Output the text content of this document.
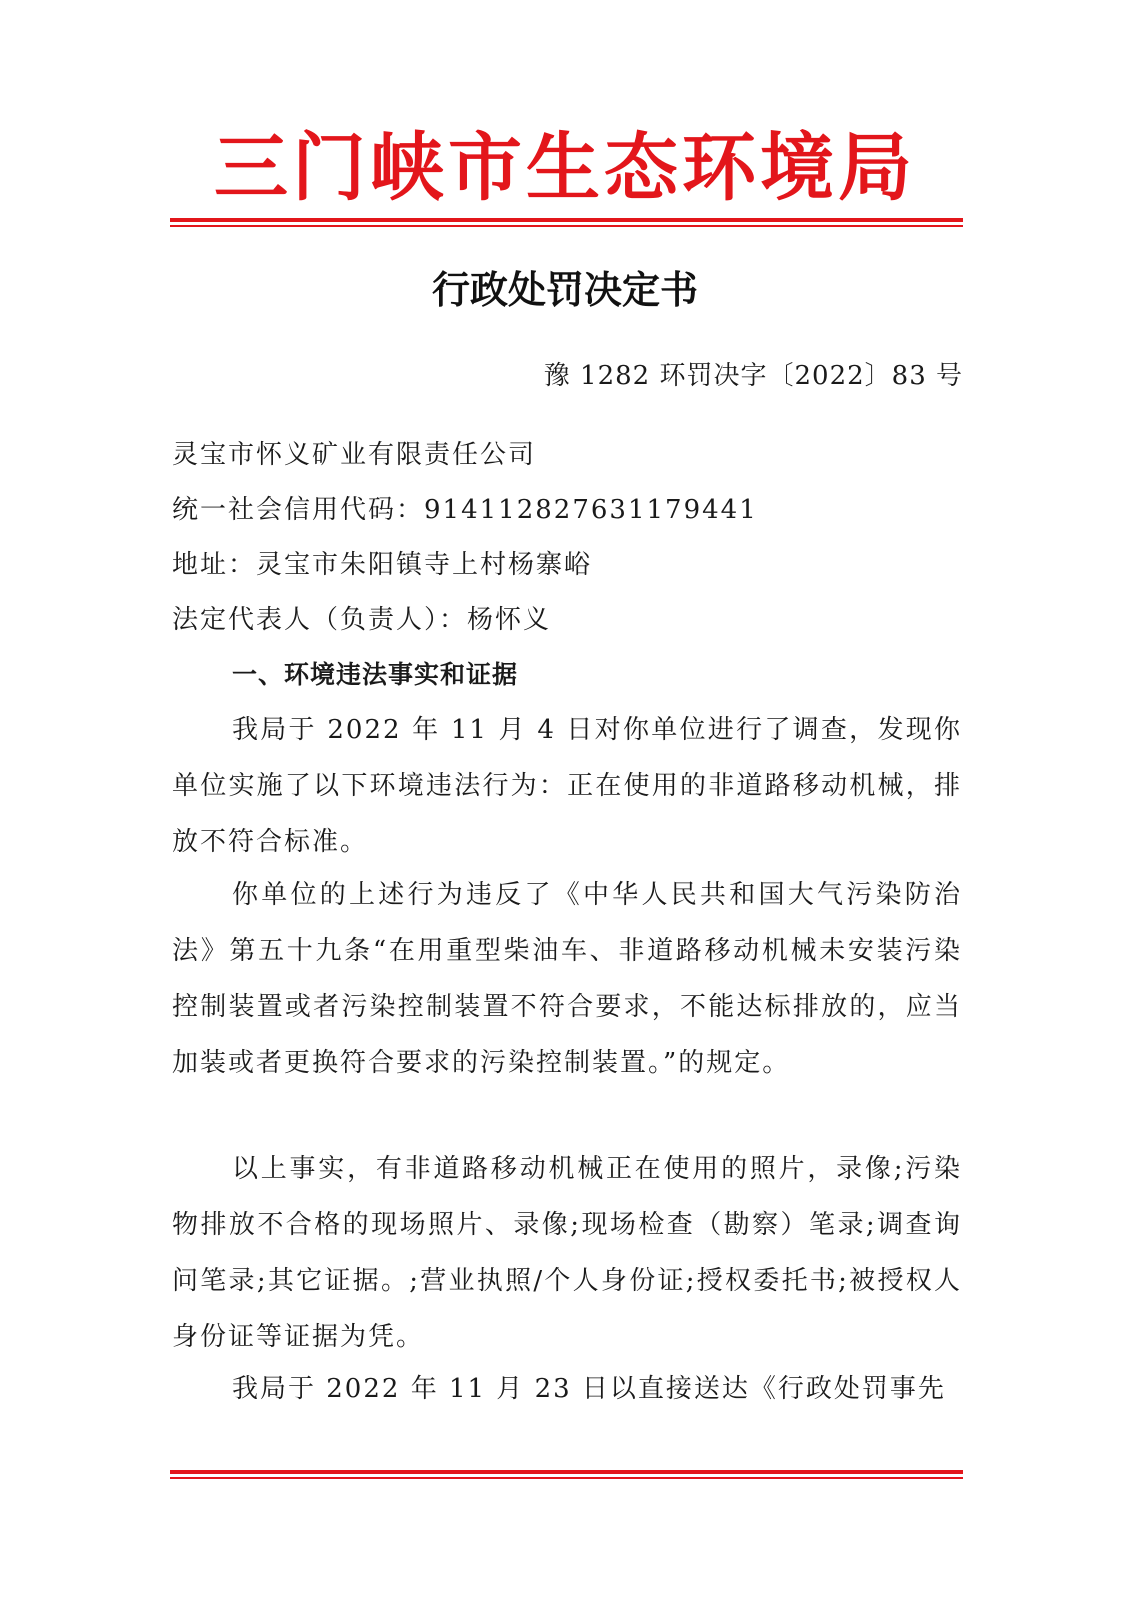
三门峡市生态环境局
行政处罚决定书
豫 1282 环罚决字〔2022〕83 号
灵宝市怀义矿业有限责任公司
统一社会信用代码：914112827631179441
地址：灵宝市朱阳镇寺上村杨寨峪
法定代表人（负责人）：杨怀义
一、环境违法事实和证据

我局于 2022 年 11 月 4 日对你单位进行了调查，发现你单位实施了以下环境违法行为：正在使用的非道路移动机械，排放不符合标准。

你单位的上述行为违反了《中华人民共和国大气污染防治法》第五十九条“在用重型柴油车、非道路移动机械未安装污染控制装置或者污染控制装置不符合要求，不能达标排放的，应当加装或者更换符合要求的污染控制装置。”的规定。

以上事实，有非道路移动机械正在使用的照片，录像;污染物排放不合格的现场照片、录像;现场检查（勘察）笔录;调查询问笔录;其它证据。;营业执照/个人身份证;授权委托书;被授权人身份证等证据为凭。

我局于 2022 年 11 月 23 日以直接送达《行政处罚事先
